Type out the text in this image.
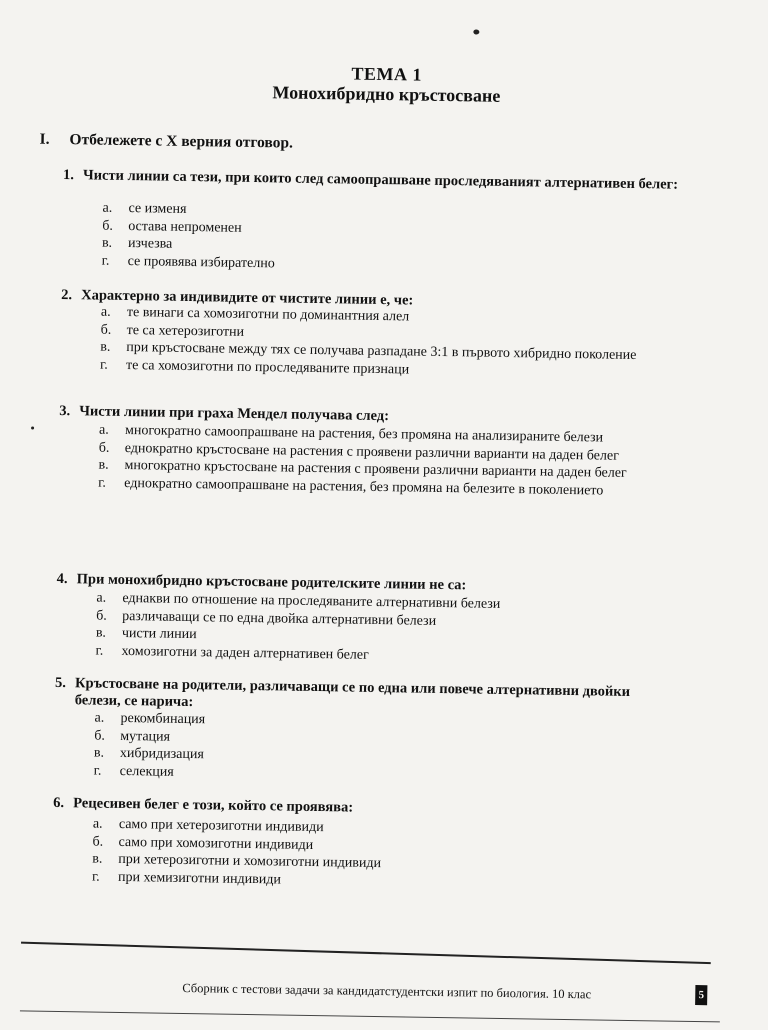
ТЕМА 1
Монохибридно кръстосване
I. Отбележете с X верния отговор.
1. Чисти линии са тези, при които след самоопрашване проследявaният алтернативен белег:
а. се изменя
б. остава непроменен
в. изчезва
г. се проявява избирателно
2. Характерно за индивидите от чистите линии е, че:
а. те винаги са хомозиготни по доминантния алел
б. те са хетерозиготни
в. при кръстосване между тях се получава разпадане 3:1 в първото хибридно поколение
г. те са хомозиготни по проследяваните признаци
3. Чисти линии при граха Мендел получава след:
а. многократно самоопрашване на растения, без промяна на анализираните белези
б. еднократно кръстосване на растения с проявени различни варианти на даден белег
в. многократно кръстосване на растения с проявени различни варианти на даден белег
г. еднократно самоопрашване на растения, без промяна на белезите в поколението
4. При монохибридно кръстосване родителските линии не са:
а. еднакви по отношение на проследяваните алтернативни белези
б. различаващи се по една двойка алтернативни белези
в. чисти линии
г. хомозиготни за даден алтернативен белег
5. Кръстосване на родители, различаващи се по една или повече алтернативни двойки белези, се нарича:
а. рекомбинация
б. мутация
в. хибридизация
г. селекция
6. Рецесивен белег е този, който се проявява:
а. само при хетерозиготни индивиди
б. само при хомозиготни индивиди
в. при хетерозиготни и хомозиготни индивиди
г. при хемизиготни индивиди
Сборник с тестови задачи за кандидатстудентски изпит по биология. 10 клас	5
